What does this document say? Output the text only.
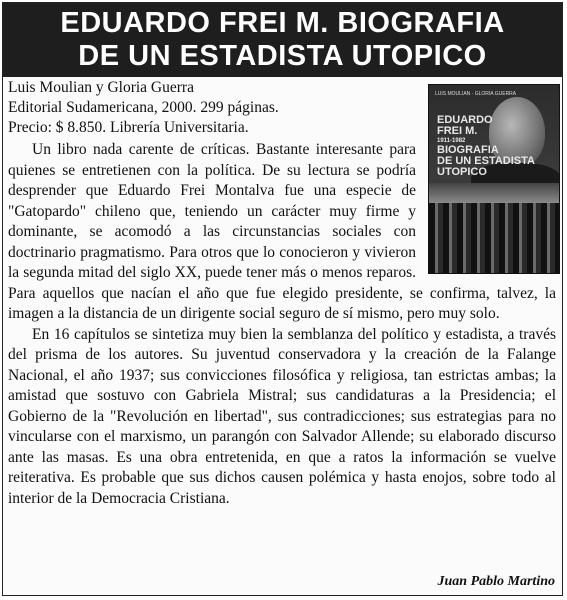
EDUARDO FREI M. BIOGRAFIA
DE UN ESTADISTA UTOPICO
Luis Moulian y Gloria Guerra
Editorial Sudamericana, 2000. 299 páginas.
Precio: $ 8.850. Librería Universitaria.
LUIS MOULIAN · GLORIA GUERRA
EDUARDO
FREI M.
1911-1982
BIOGRAFIA
DE UN ESTADISTA
UTOPICO

Un libro nada carente de críticas. Bastante interesante para quienes se entretienen con la política. De su lectura se podría desprender que Eduardo Frei Montalva fue una especie de "Gatopardo" chileno que, teniendo un carácter muy firme y dominante, se acomodó a las circunstancias sociales con doctrinario pragmatismo. Para otros que lo conocieron y vivieron la segunda mitad del siglo XX, puede tener más o menos reparos. Para aquellos que nacían el año que fue elegido presidente, se confirma, talvez, la imagen a la distancia de un dirigente social seguro de sí mismo, pero muy solo.

En 16 capítulos se sintetiza muy bien la semblanza del político y estadista, a través del prisma de los autores. Su juventud conservadora y la creación de la Falange Nacional, el año 1937; sus convicciones filosófica y religiosa, tan estrictas ambas; la amistad que sostuvo con Gabriela Mistral; sus candidaturas a la Presidencia; el Gobierno de la "Revolución en libertad", sus contradicciones; sus estrategias para no vincularse con el marxismo, un parangón con Salvador Allende; su elaborado discurso ante las masas. Es una obra entretenida, en que a ratos la información se vuelve reiterativa. Es probable que sus dichos causen polémica y hasta enojos, sobre todo al interior de la Democracia Cristiana.

Juan Pablo Martino
